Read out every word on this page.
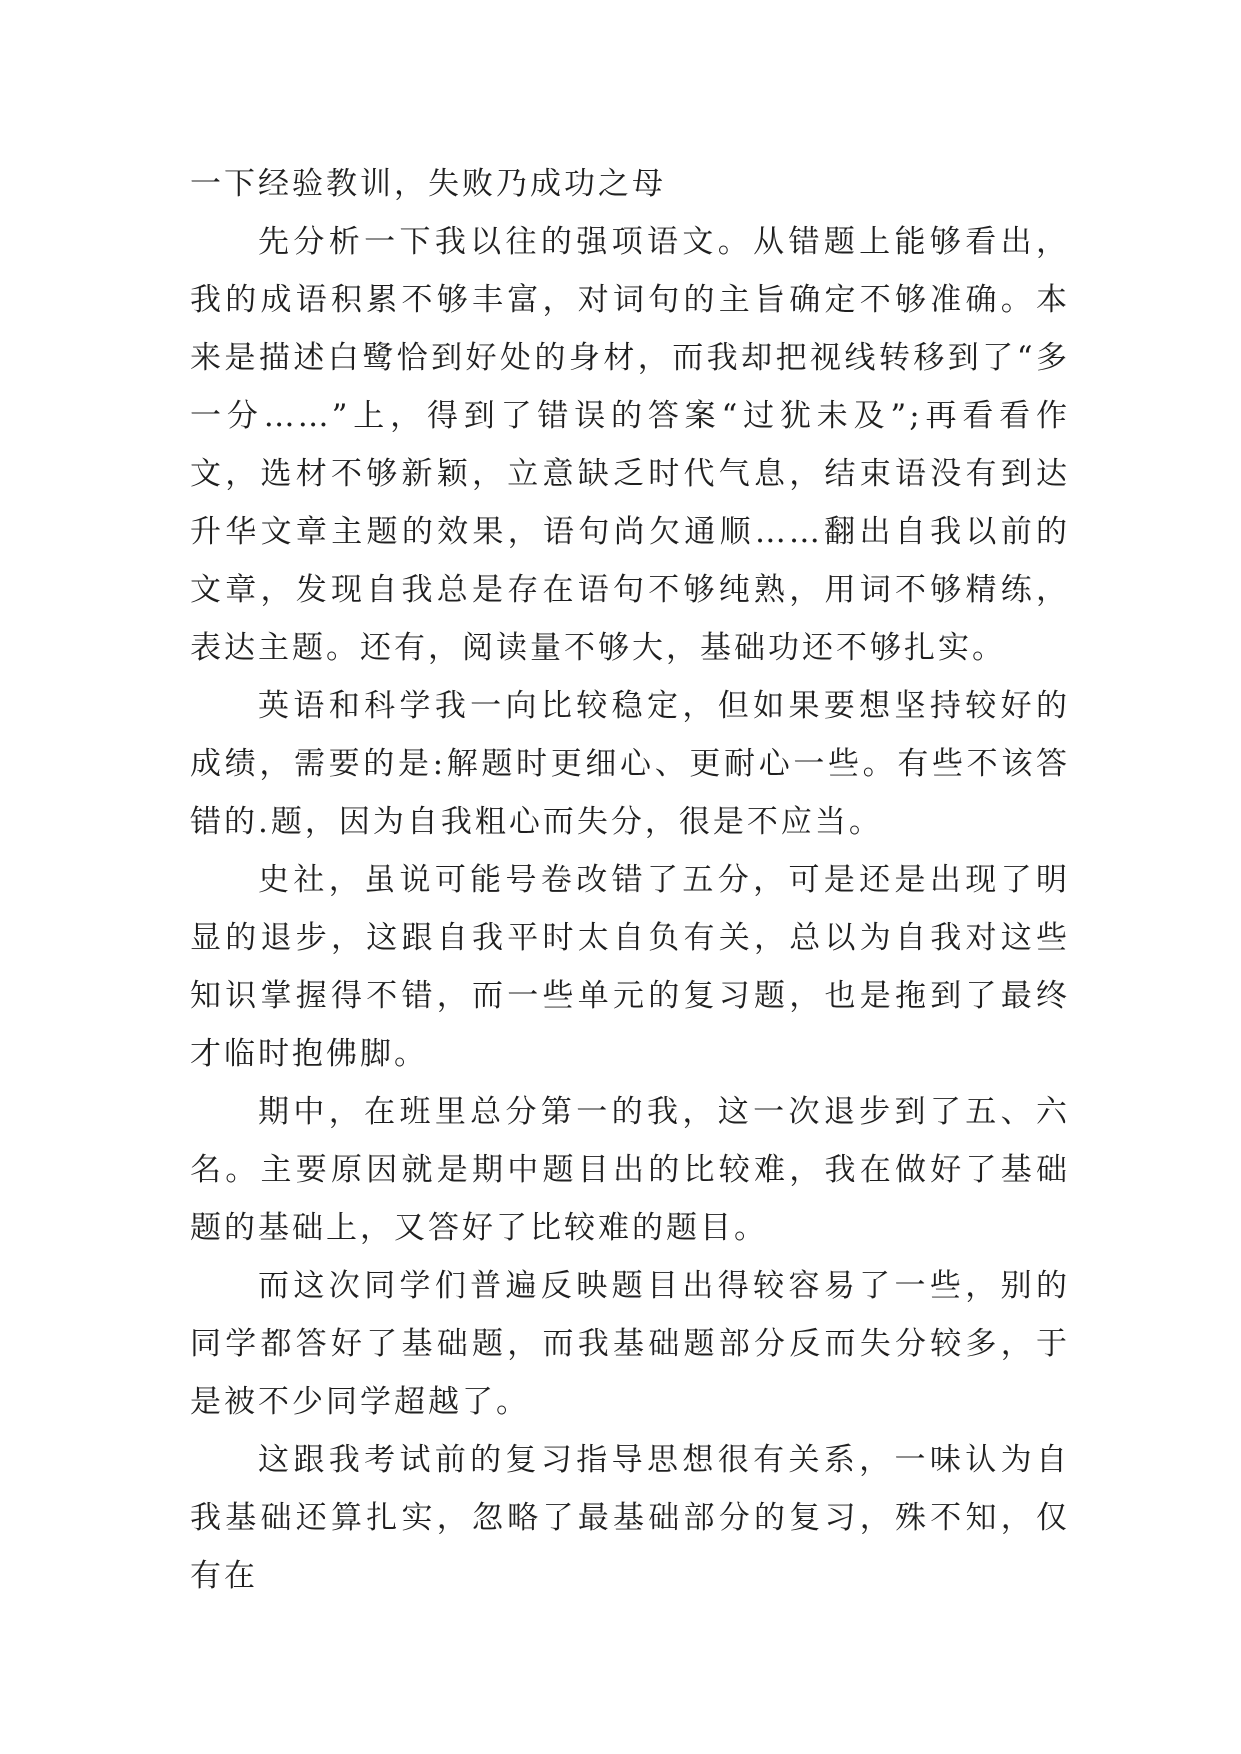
一下经验教训，失败乃成功之母

先分析一下我以往的强项语文。从错题上能够看出，我的成语积累不够丰富，对词句的主旨确定不够准确。本来是描述白鹭恰到好处的身材，而我却把视线转移到了“多一分……”上，得到了错误的答案“过犹未及”;再看看作文，选材不够新颖，立意缺乏时代气息，结束语没有到达升华文章主题的效果，语句尚欠通顺……翻出自我以前的文章，发现自我总是存在语句不够纯熟，用词不够精练，表达主题。还有，阅读量不够大，基础功还不够扎实。

英语和科学我一向比较稳定，但如果要想坚持较好的成绩，需要的是:解题时更细心、更耐心一些。有些不该答错的.题，因为自我粗心而失分，很是不应当。

史社，虽说可能号卷改错了五分，可是还是出现了明显的退步，这跟自我平时太自负有关，总以为自我对这些知识掌握得不错，而一些单元的复习题，也是拖到了最终才临时抱佛脚。

期中，在班里总分第一的我，这一次退步到了五、六名。主要原因就是期中题目出的比较难，我在做好了基础题的基础上，又答好了比较难的题目。

而这次同学们普遍反映题目出得较容易了一些，别的同学都答好了基础题，而我基础题部分反而失分较多，于是被不少同学超越了。

这跟我考试前的复习指导思想很有关系，一味认为自我基础还算扎实，忽略了最基础部分的复习，殊不知，仅有在
